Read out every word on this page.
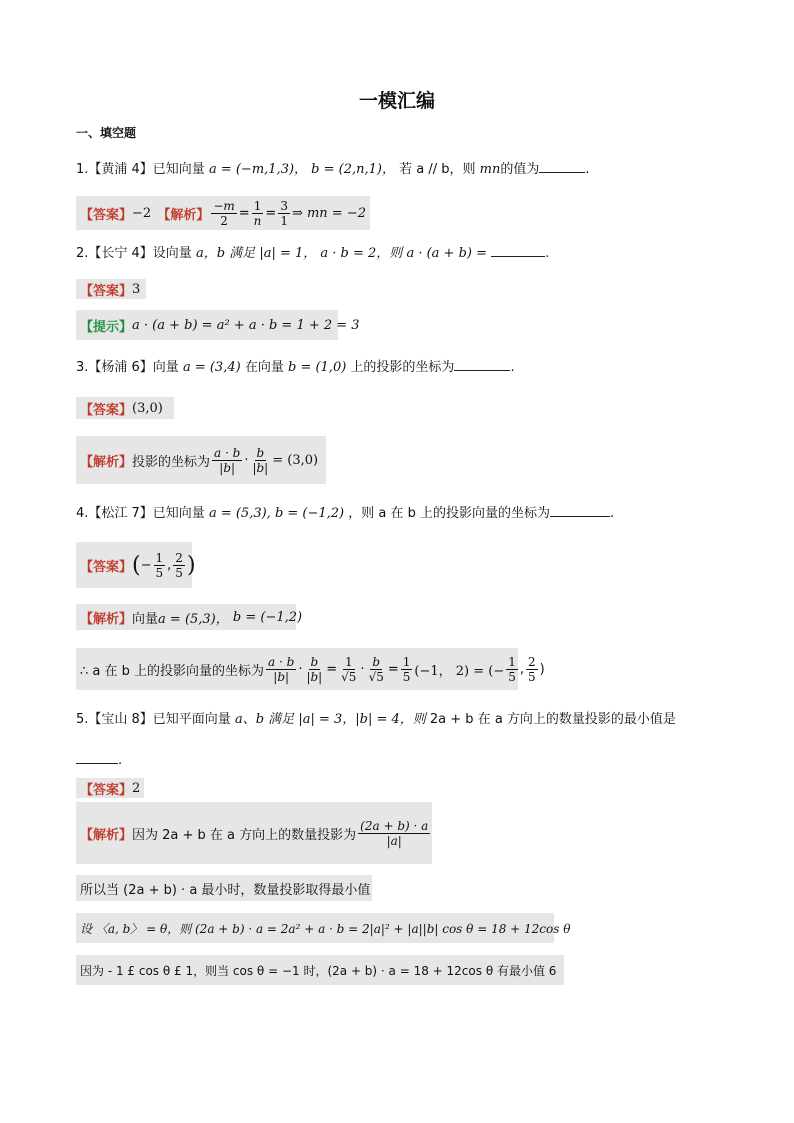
一模汇编
一、填空题
1.【黄浦 4】已知向量 a = (−m,1,3)， b = (2,n,1)， 若 a // b，则 mn的值为	.
【答案】 −2 【解析】 $\frac{-m}{2} = \frac{1}{n} = \frac{3}{1}$ ⇒ mn = −2
2.【长宁 4】设向量 a，b 满足 |a| = 1， a · b = 2，则 a · (a + b) =	.
【答案】 3
【提示】 a · (a + b) = a² + a · b = 1 + 2 = 3
3.【杨浦 6】向量 a = (3,4) 在向量 b = (1,0) 上的投影的坐标为	.
【答案】 (3,0)
【解析】 投影的坐标为 $\frac{a \cdot b}{|b|} \cdot \frac{b}{|b|} = (3,0)$
4.【松江 7】已知向量 a = (5,3), b = (−1,2) ，则 a 在 b 上的投影向量的坐标为	.
【答案】 ( − $\frac{1}{5}$ , $\frac{2}{5}$ )
【解析】 向量 a = (5,3)，
b = (−1,2)
∴ a 在 b 上的投影向量的坐标为 $\frac{a \cdot b}{|b|} \cdot \frac{b}{|b|} = \frac{1}{√5} \cdot \frac{b}{√5} = \frac{1}{5} (-1$， 2) = (− $\frac{1}{5}$ , $\frac{2}{5}$ )
5.【宝山 8】已知平面向量 a、b 满足 |a| = 3，|b| = 4，则 2a + b 在 a 方向上的数量投影的最小值是
.
【答案】 2
【解析】 因为 2a + b 在 a 方向上的数量投影为 $\frac{(2a + b) \cdot a}{|a|}$
所以当 (2a + b) · a 最小时，数量投影取得最小值
设 〈a, b〉 = θ，则 (2a + b) · a = 2a² + a · b = 2|a|² + |a||b| cos θ = 18 + 12cos θ
因为 - 1 £ cos θ £ 1，则当 cos θ = −1 时，(2a + b) · a = 18 + 12cos θ 有最小值 6
